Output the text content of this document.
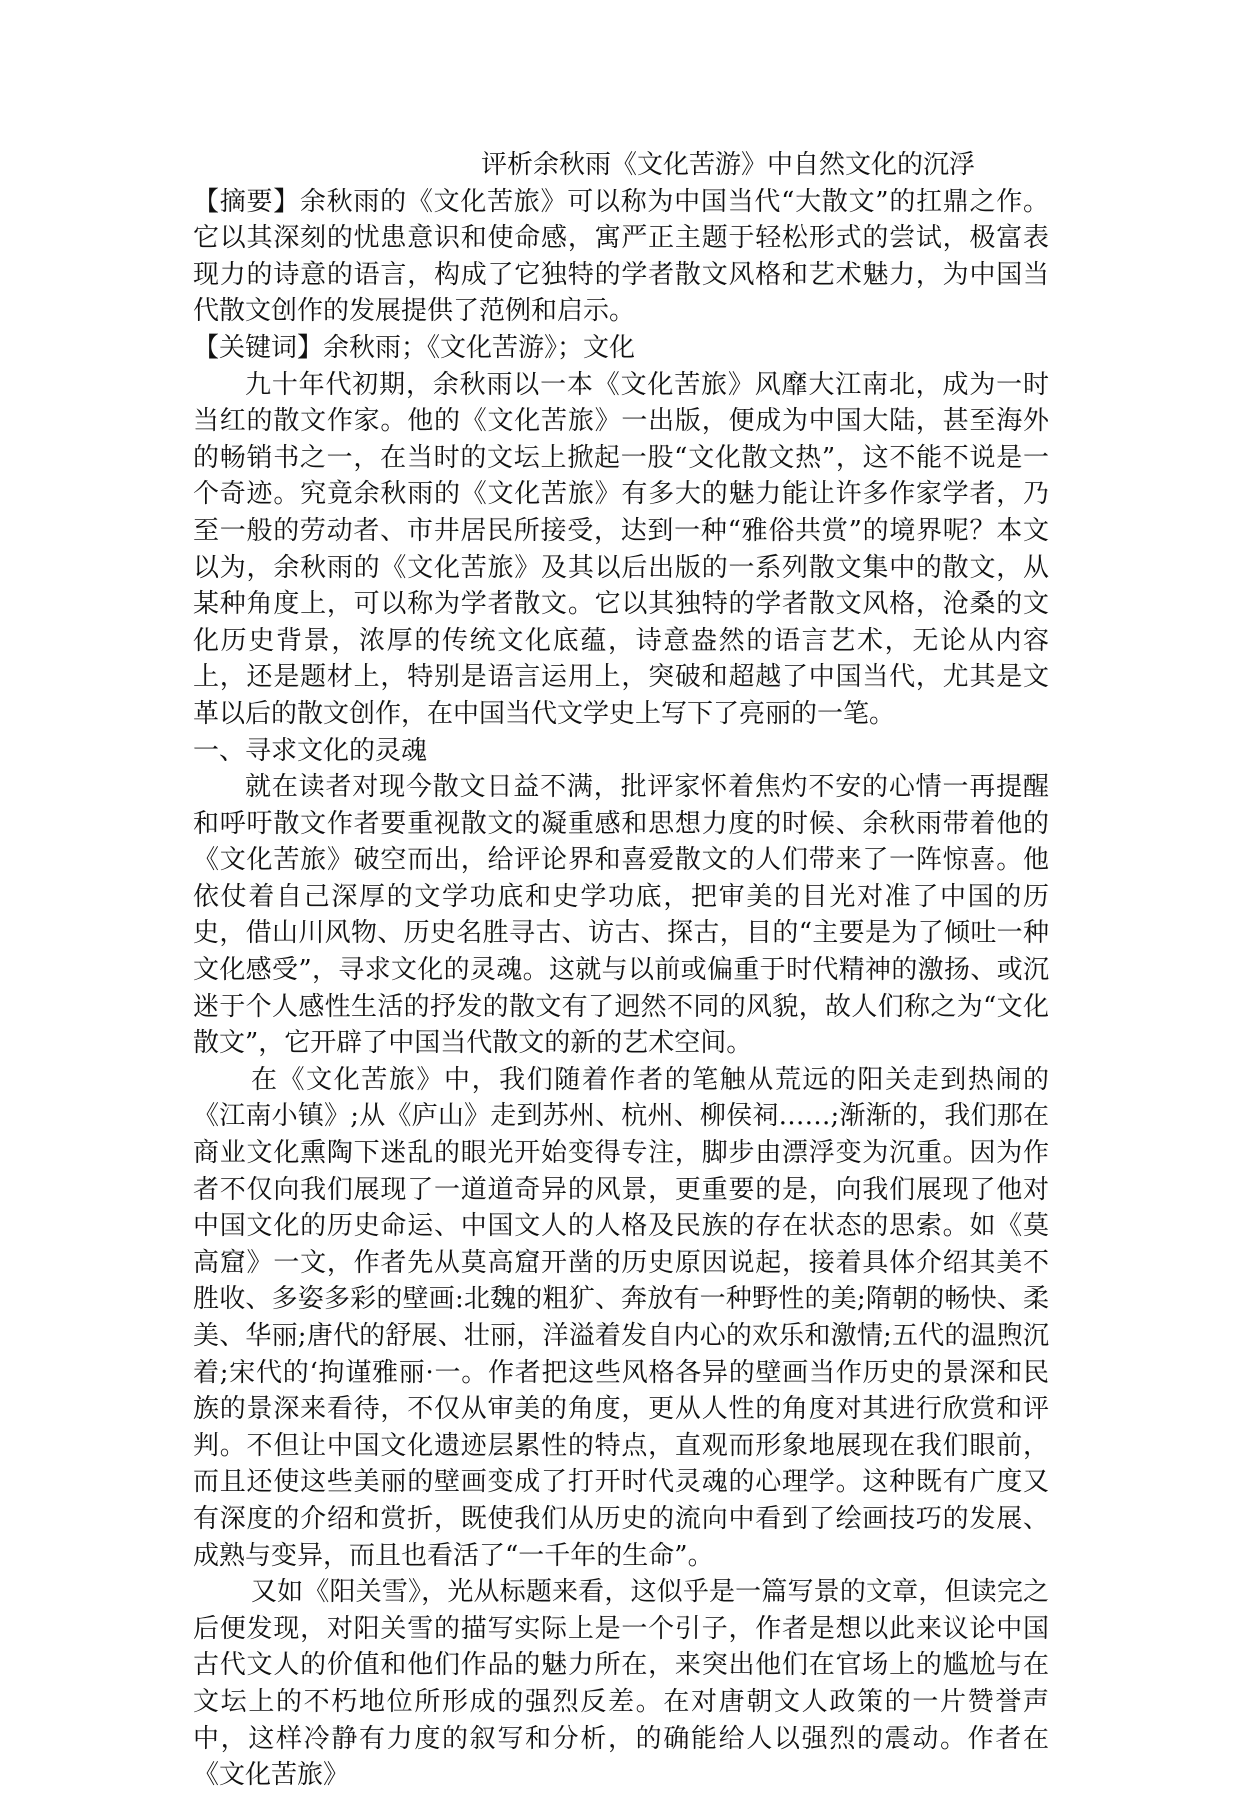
评析余秋雨《文化苦游》中自然文化的沉浮

【摘要】余秋雨的《文化苦旅》可以称为中国当代“大散文”的扛鼎之作。它以其深刻的忧患意识和使命感，寓严正主题于轻松形式的尝试，极富表现力的诗意的语言，构成了它独特的学者散文风格和艺术魅力，为中国当代散文创作的发展提供了范例和启示。

【关键词】余秋雨；《文化苦游》；文化

九十年代初期，余秋雨以一本《文化苦旅》风靡大江南北，成为一时当红的散文作家。他的《文化苦旅》一出版，便成为中国大陆，甚至海外的畅销书之一，在当时的文坛上掀起一股“文化散文热”，这不能不说是一个奇迹。究竟余秋雨的《文化苦旅》有多大的魅力能让许多作家学者，乃至一般的劳动者、市井居民所接受，达到一种“雅俗共赏”的境界呢？本文以为，余秋雨的《文化苦旅》及其以后出版的一系列散文集中的散文，从某种角度上，可以称为学者散文。它以其独特的学者散文风格，沧桑的文化历史背景，浓厚的传统文化底蕴，诗意盎然的语言艺术，无论从内容上，还是题材上，特别是语言运用上，突破和超越了中国当代，尤其是文革以后的散文创作，在中国当代文学史上写下了亮丽的一笔。

一、寻求文化的灵魂

就在读者对现今散文日益不满，批评家怀着焦灼不安的心情一再提醒和呼吁散文作者要重视散文的凝重感和思想力度的时候、余秋雨带着他的《文化苦旅》破空而出，给评论界和喜爱散文的人们带来了一阵惊喜。他依仗着自己深厚的文学功底和史学功底，把审美的目光对准了中国的历史，借山川风物、历史名胜寻古、访古、探古，目的“主要是为了倾吐一种文化感受”，寻求文化的灵魂。这就与以前或偏重于时代精神的激扬、或沉迷于个人感性生活的抒发的散文有了迥然不同的风貌，故人们称之为“文化散文”，它开辟了中国当代散文的新的艺术空间。

在《文化苦旅》中，我们随着作者的笔触从荒远的阳关走到热闹的《江南小镇》;从《庐山》走到苏州、杭州、柳侯祠……;渐渐的，我们那在商业文化熏陶下迷乱的眼光开始变得专注，脚步由漂浮变为沉重。因为作者不仅向我们展现了一道道奇异的风景，更重要的是，向我们展现了他对中国文化的历史命运、中国文人的人格及民族的存在状态的思索。如《莫高窟》一文，作者先从莫高窟开凿的历史原因说起，接着具体介绍其美不胜收、多姿多彩的壁画:北魏的粗犷、奔放有一种野性的美;隋朝的畅快、柔美、华丽;唐代的舒展、壮丽，洋溢着发自内心的欢乐和激情;五代的温煦沉着;宋代的‘拘谨雅丽·一。作者把这些风格各异的壁画当作历史的景深和民族的景深来看待，不仅从审美的角度，更从人性的角度对其进行欣赏和评判。不但让中国文化遗迹层累性的特点，直观而形象地展现在我们眼前，而且还使这些美丽的壁画变成了打开时代灵魂的心理学。这种既有广度又有深度的介绍和赏折，既使我们从历史的流向中看到了绘画技巧的发展、成熟与变异，而且也看活了“一千年的生命”。

又如《阳关雪》，光从标题来看，这似乎是一篇写景的文章，但读完之后便发现，对阳关雪的描写实际上是一个引子，作者是想以此来议论中国古代文人的价值和他们作品的魅力所在，来突出他们在官场上的尴尬与在文坛上的不朽地位所形成的强烈反差。在对唐朝文人政策的一片赞誉声中，这样冷静有力度的叙写和分析，的确能给人以强烈的震动。作者在《文化苦旅》
